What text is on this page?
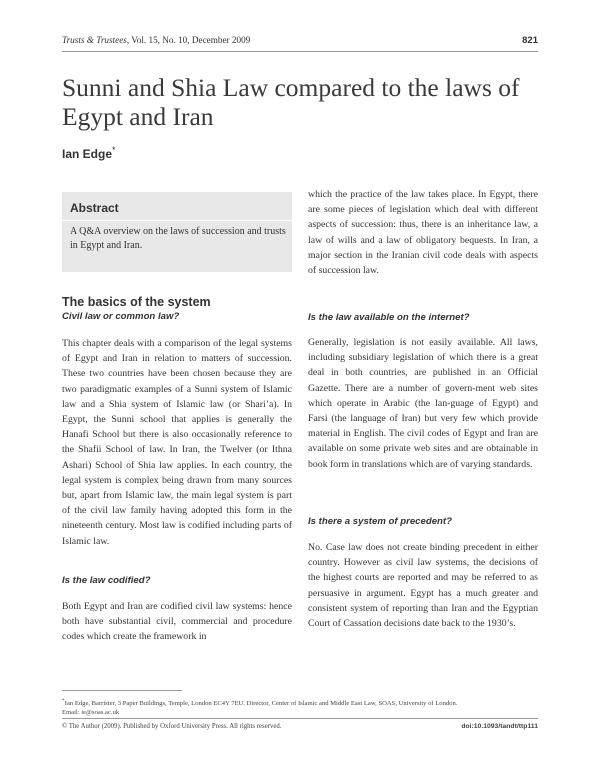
Trusts & Trustees, Vol. 15, No. 10, December 2009	821
Sunni and Shia Law compared to the laws of Egypt and Iran
Ian Edge*
Abstract
A Q&A overview on the laws of succession and trusts in Egypt and Iran.
The basics of the system
Civil law or common law?

This chapter deals with a comparison of the legal systems of Egypt and Iran in relation to matters of succession. These two countries have been chosen because they are two paradigmatic examples of a Sunni system of Islamic law and a Shia system of Islamic law (or Shari’a). In Egypt, the Sunni school that applies is generally the Hanafi School but there is also occasionally reference to the Shafii School of law. In Iran, the Twelver (or Ithna Ashari) School of Shia law applies. In each country, the legal system is complex being drawn from many sources but, apart from Islamic law, the main legal system is part of the civil law family having adopted this form in the nineteenth century. Most law is codified including parts of Islamic law.

Is the law codified?

Both Egypt and Iran are codified civil law systems: hence both have substantial civil, commercial and procedure codes which create the framework in

which the practice of the law takes place. In Egypt, there are some pieces of legislation which deal with different aspects of succession: thus, there is an inheritance law, a law of wills and a law of obligatory bequests. In Iran, a major section in the Iranian civil code deals with aspects of succession law.

Is the law available on the internet?

Generally, legislation is not easily available. All laws, including subsidiary legislation of which there is a great deal in both countries, are published in an Official Gazette. There are a number of govern-ment web sites which operate in Arabic (the lan-guage of Egypt) and Farsi (the language of Iran) but very few which provide material in English. The civil codes of Egypt and Iran are available on some private web sites and are obtainable in book form in translations which are of varying standards.

Is there a system of precedent?

No. Case law does not create binding precedent in either country. However as civil law systems, the decisions of the highest courts are reported and may be referred to as persuasive in argument. Egypt has a much greater and consistent system of reporting than Iran and the Egyptian Court of Cassation decisions date back to the 1930’s.

*Ian Edge, Barrister, 3 Paper Buildings, Temple, London EC4Y 7EU. Director, Center of Islamic and Middle East Law, SOAS, University of London.
Email: ie@soas.ac.uk
© The Author (2009). Published by Oxford University Press. All rights reserved.	doi:10.1093/tandt/ttp111
